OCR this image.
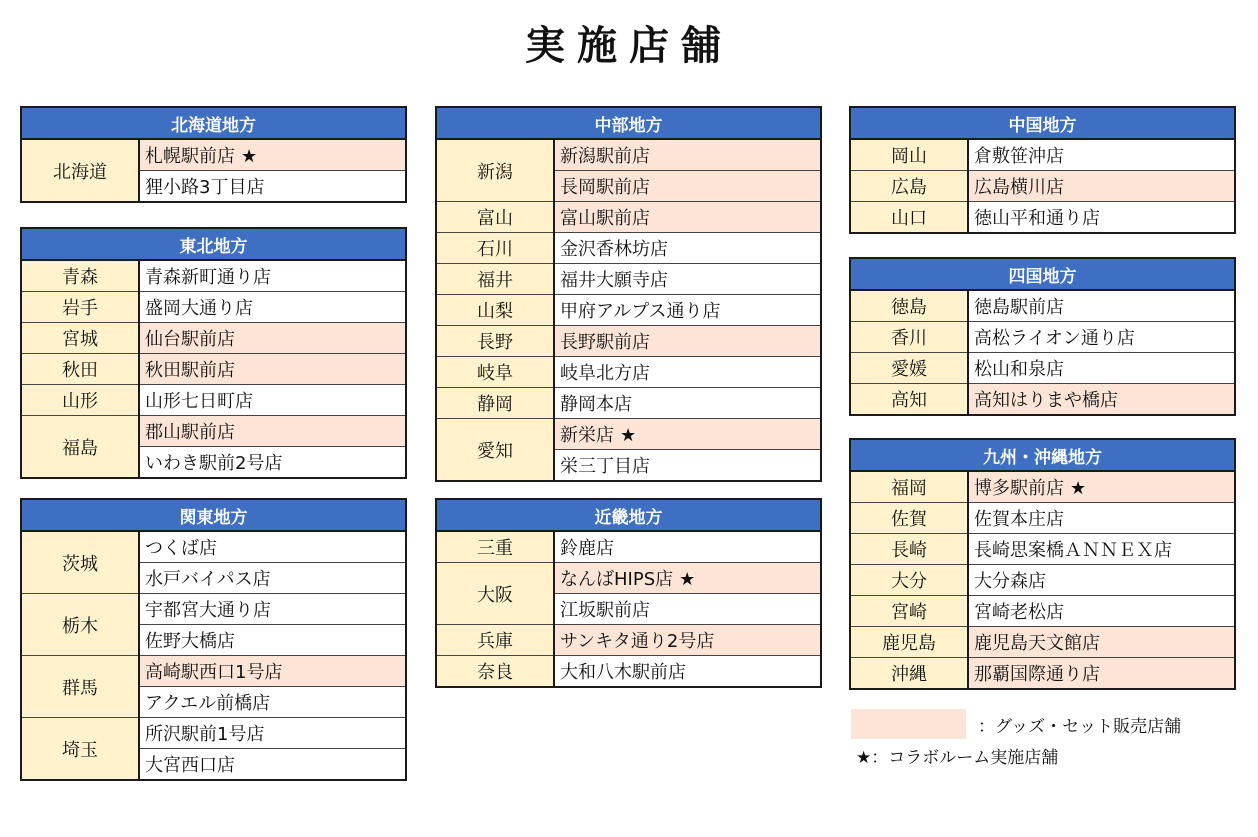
実施店舗
北海道地方
北海道	札幌駅前店 ★
狸小路3丁目店
東北地方	
青森	青森新町通り店
岩手	盛岡大通り店
宮城	仙台駅前店
秋田	秋田駅前店
山形	山形七日町店
福島	郡山駅前店
	いわき駅前2号店
関東地方	
茨城	つくば店
	水戸バイパス店
栃木	宇都宮大通り店
	佐野大橋店
群馬	高崎駅西口1号店
	アクエル前橋店
埼玉	所沢駅前1号店
	大宮西口店
中部地方	
新潟	新潟駅前店
	長岡駅前店
富山	富山駅前店
石川	金沢香林坊店
福井	福井大願寺店
山梨	甲府アルプス通り店
長野	長野駅前店
岐阜	岐阜北方店
静岡	静岡本店
愛知	新栄店 ★
	栄三丁目店
近畿地方	
三重	鈴鹿店
大阪	なんばHIPS店 ★
	江坂駅前店
兵庫	サンキタ通り2号店
奈良	大和八木駅前店
中国地方	
岡山	倉敷笹沖店
広島	広島横川店
山口	徳山平和通り店
四国地方	
徳島	徳島駅前店
香川	高松ライオン通り店
愛媛	松山和泉店
高知	高知はりまや橋店
九州・沖縄地方	
福岡	博多駅前店 ★
佐賀	佐賀本庄店
長崎	長崎思案橋ＡＮＮＥＸ店
大分	大分森店
宮崎	宮崎老松店
鹿児島	鹿児島天文館店
沖縄	那覇国際通り店
：グッズ・セット販売店舗
★：コラボルーム実施店舗
